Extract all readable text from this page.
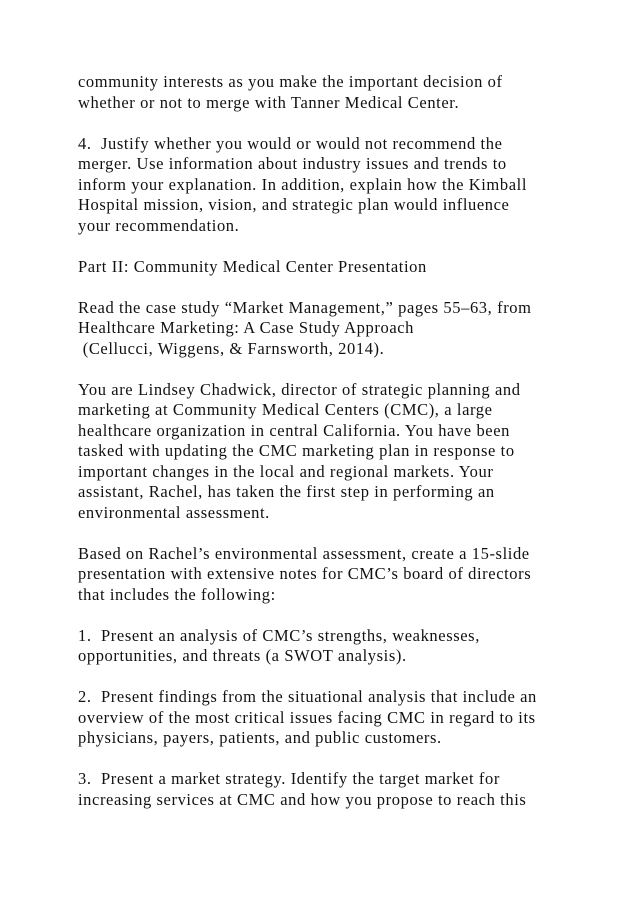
community interests as you make the important decision of
whether or not to merge with Tanner Medical Center.

4.  Justify whether you would or would not recommend the
merger. Use information about industry issues and trends to
inform your explanation. In addition, explain how the Kimball
Hospital mission, vision, and strategic plan would influence
your recommendation.

Part II: Community Medical Center Presentation

Read the case study “Market Management,” pages 55–63, from
Healthcare Marketing: A Case Study Approach
(Cellucci, Wiggens, & Farnsworth, 2014).

You are Lindsey Chadwick, director of strategic planning and
marketing at Community Medical Centers (CMC), a large
healthcare organization in central California. You have been
tasked with updating the CMC marketing plan in response to
important changes in the local and regional markets. Your
assistant, Rachel, has taken the first step in performing an
environmental assessment.

Based on Rachel’s environmental assessment, create a 15-slide
presentation with extensive notes for CMC’s board of directors
that includes the following:

1.  Present an analysis of CMC’s strengths, weaknesses,
opportunities, and threats (a SWOT analysis).

2.  Present findings from the situational analysis that include an
overview of the most critical issues facing CMC in regard to its
physicians, payers, patients, and public customers.

3.  Present a market strategy. Identify the target market for
increasing services at CMC and how you propose to reach this
